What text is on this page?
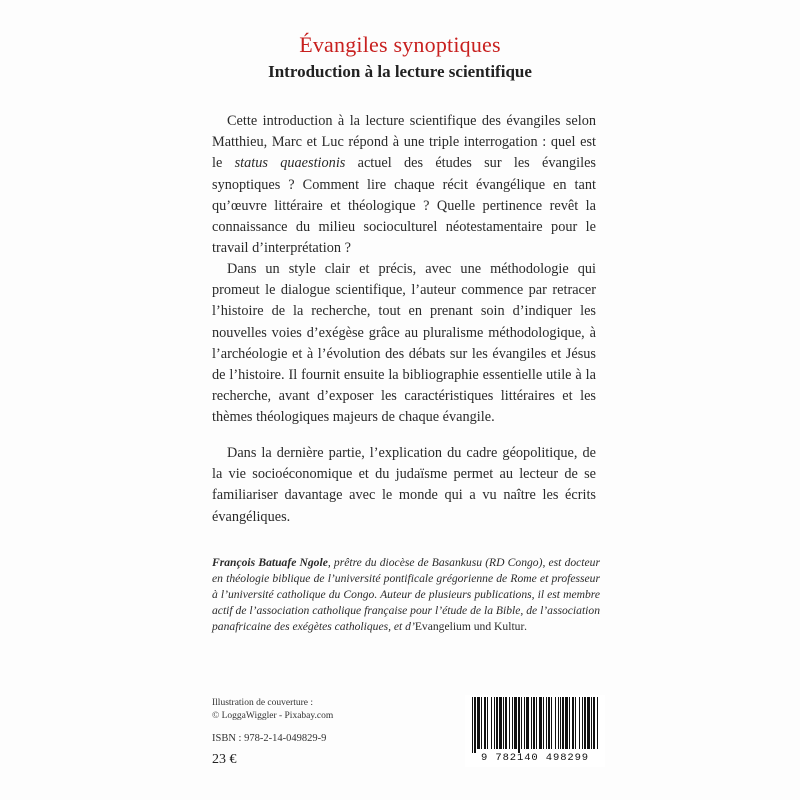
Évangiles synoptiques
Introduction à la lecture scientifique

Cette introduction à la lecture scientifique des évangiles selon Matthieu, Marc et Luc répond à une triple interrogation : quel est le status quaestionis actuel des études sur les évangiles synoptiques ? Comment lire chaque récit évangélique en tant qu’œuvre littéraire et théologique ? Quelle pertinence revêt la connaissance du milieu socioculturel néotestamentaire pour le travail d’interprétation ?

Dans un style clair et précis, avec une méthodologie qui promeut le dialogue scientifique, l’auteur commence par retracer l’histoire de la recherche, tout en prenant soin d’indiquer les nouvelles voies d’exégèse grâce au pluralisme méthodologique, à l’archéologie et à l’évolution des débats sur les évangiles et Jésus de l’histoire. Il fournit ensuite la bibliographie essentielle utile à la recherche, avant d’exposer les caractéristiques littéraires et les thèmes théologiques majeurs de chaque évangile.

Dans la dernière partie, l’explication du cadre géopolitique, de la vie socioéconomique et du judaïsme permet au lecteur de se familiariser davantage avec le monde qui a vu naître les écrits évangéliques.

François Batuafe Ngole, prêtre du diocèse de Basankusu (RD Congo), est docteur en théologie biblique de l’université pontificale grégorienne de Rome et professeur à l’université catholique du Congo. Auteur de plusieurs publications, il est membre actif de l’association catholique française pour l’étude de la Bible, de l’association panafricaine des exégètes catholiques, et d’Evangelium und Kultur.

Illustration de couverture :
© LoggaWiggler - Pixabay.com
ISBN : 978-2-14-049829-9
23 €	9 782140 498299
